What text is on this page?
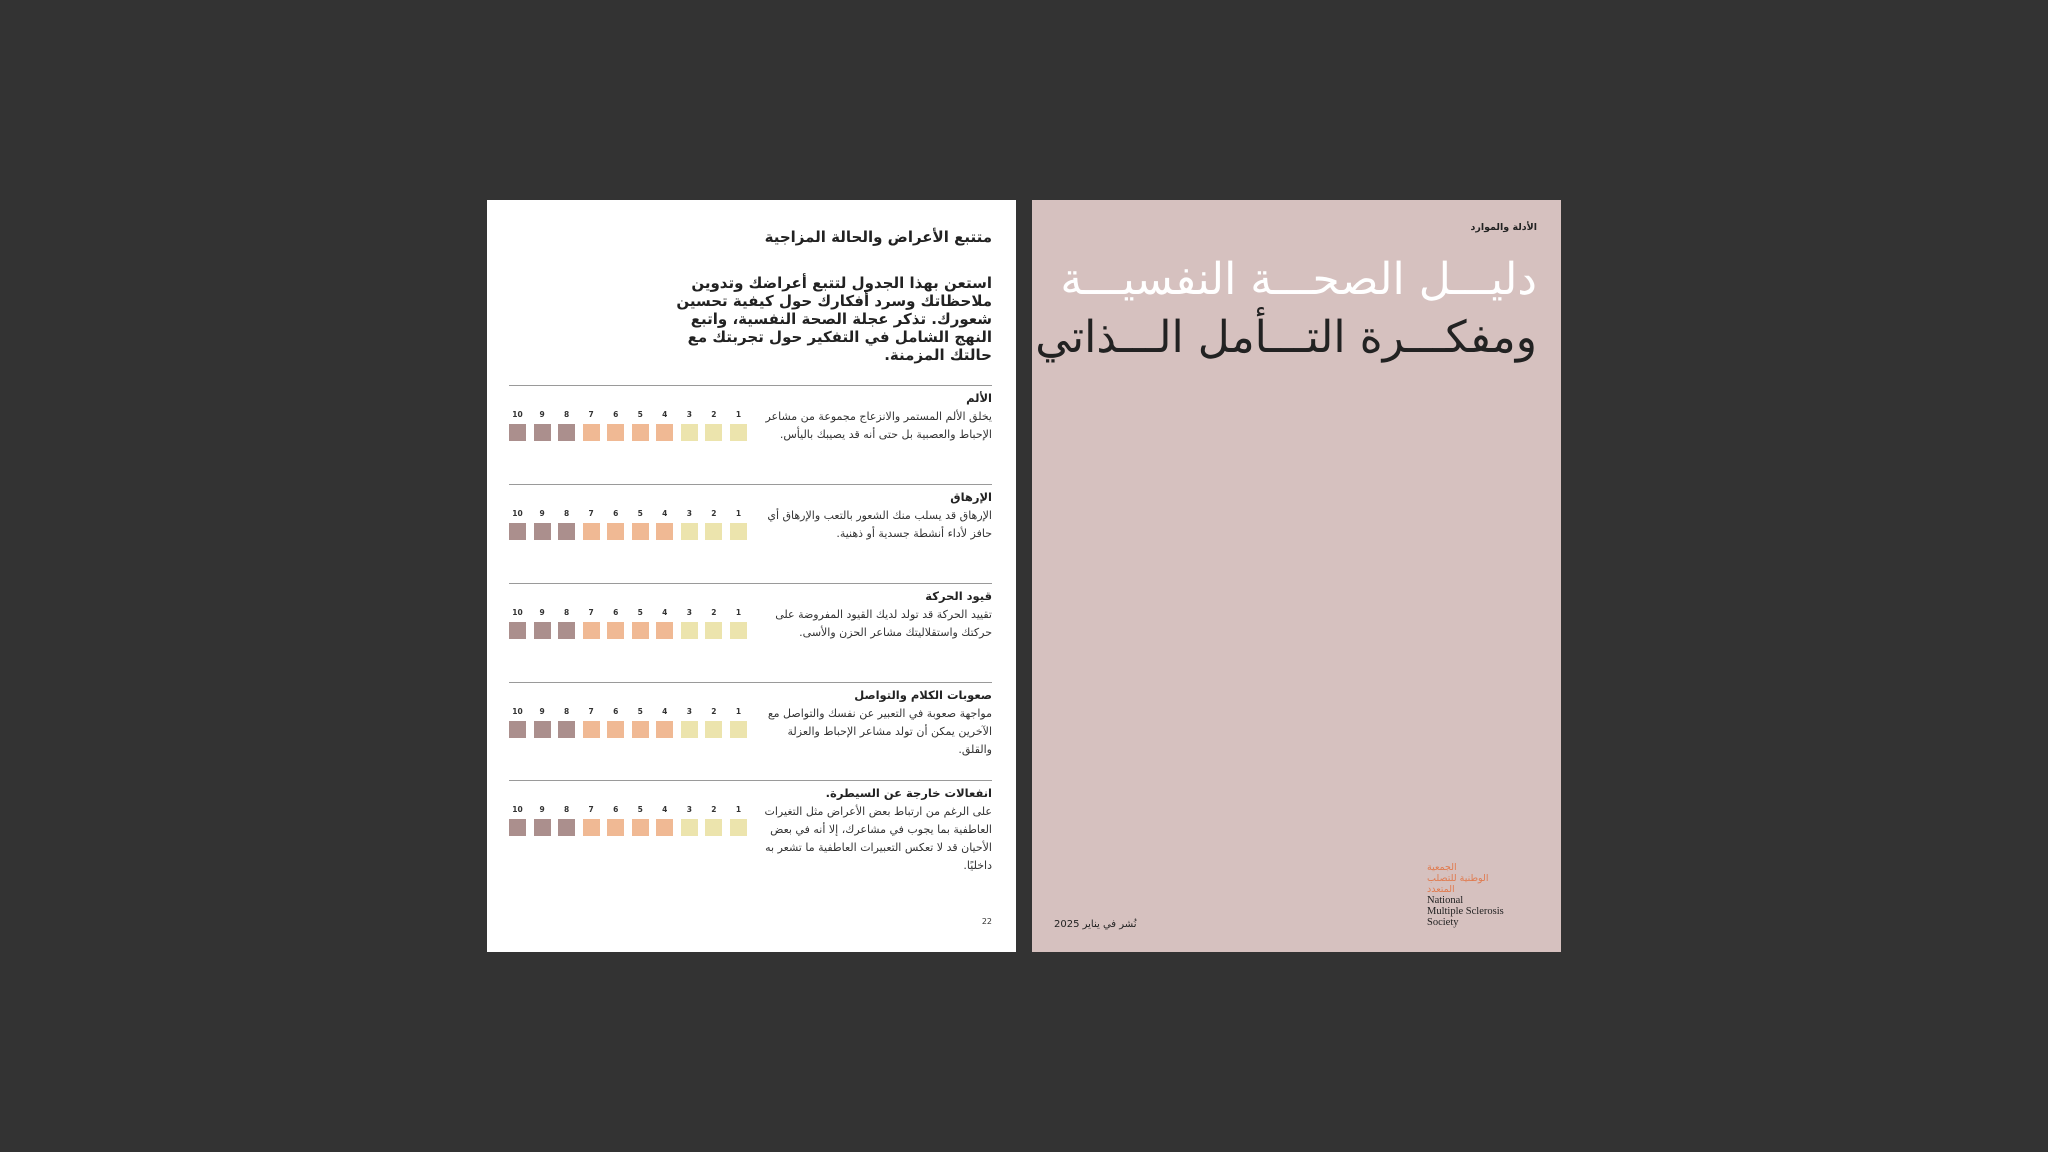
متتبع الأعراض والحالة المزاجية
استعن بهذا الجدول لتتبع أعراضك وتدوين ملاحظاتك وسرد أفكارك حول كيفية تحسين شعورك. تذكر عجلة الصحة النفسية، واتبع النهج الشامل في التفكير حول تجربتك مع حالتك المزمنة.
الألم
يخلق الألم المستمر والانزعاج مجموعة من مشاعر الإحباط والعصبية بل حتى أنه قد يصيبك باليأس.
10	9	8	7	6	5	4	3	2	1
الإرهاق
الإرهاق قد يسلب منك الشعور بالتعب والإرهاق أي حافز لأداء أنشطة جسدية أو ذهنية.
10	9	8	7	6	5	4	3	2	1
قيود الحركة
تقييد الحركة قد تولد لديك القيود المفروضة على حركتك واستقلاليتك مشاعر الحزن والأسى.
10	9	8	7	6	5	4	3	2	1
صعوبات الكلام والتواصل
مواجهة صعوبة في التعبير عن نفسك والتواصل مع الآخرين يمكن أن تولد مشاعر الإحباط والعزلة والقلق.
10	9	8	7	6	5	4	3	2	1
انفعالات خارجة عن السيطرة.
على الرغم من ارتباط بعض الأعراض مثل التغيرات العاطفية بما يجوب في مشاعرك، إلا أنه في بعض الأحيان قد لا تعكس التعبيرات العاطفية ما تشعر به داخليًا.
10	9	8	7	6	5	4	3	2	1
22
الأدلة والموارد
دليـــل الصحـــة النفسيـــة
ومفكـــرة التـــأمل الـــذاتي
نُشر في يناير 2025
الجمعية
الوطنية للتصلب
المتعدد
National
Multiple Sclerosis
Society
